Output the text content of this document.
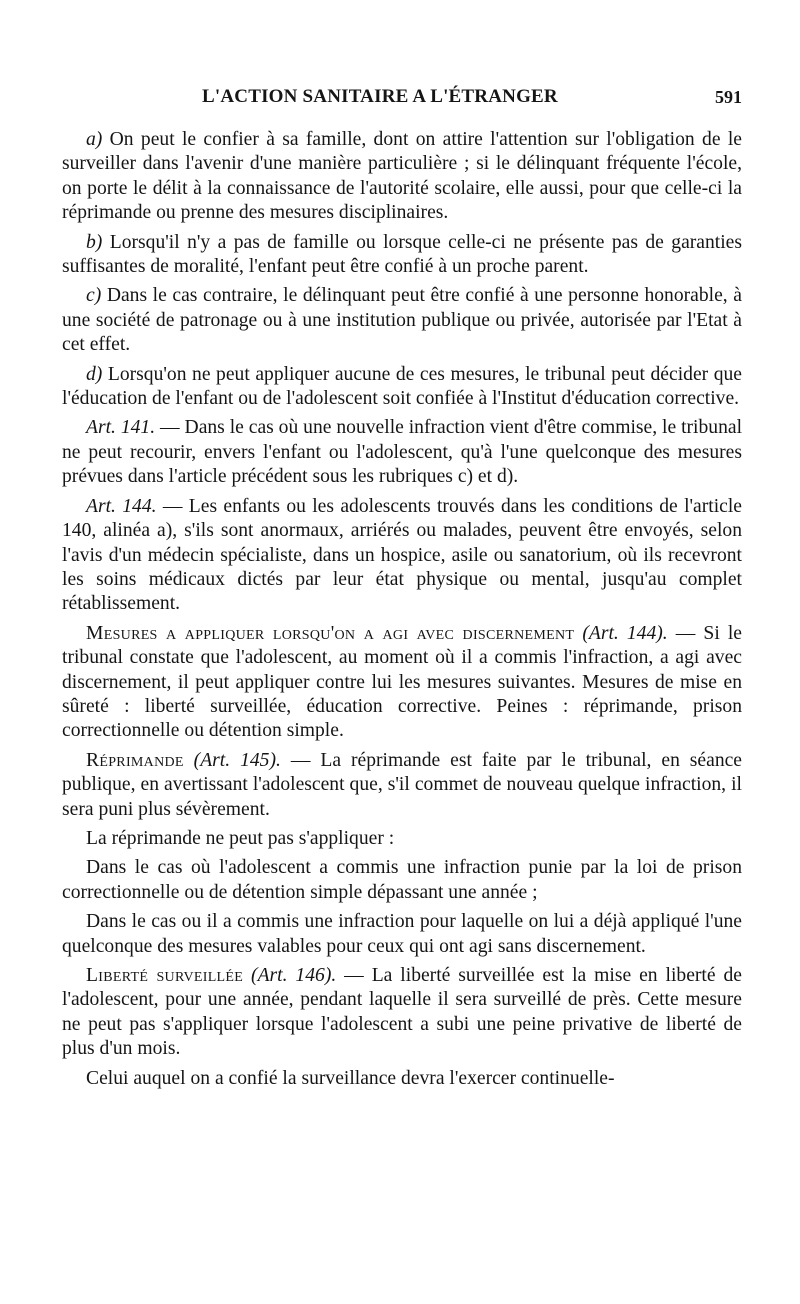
L'ACTION SANITAIRE A L'ÉTRANGER	591

a) On peut le confier à sa famille, dont on attire l'attention sur l'obligation de le surveiller dans l'avenir d'une manière particulière ; si le délinquant fréquente l'école, on porte le délit à la connaissance de l'autorité scolaire, elle aussi, pour que celle-ci la réprimande ou prenne des mesures disciplinaires.

b) Lorsqu'il n'y a pas de famille ou lorsque celle-ci ne présente pas de garanties suffisantes de moralité, l'enfant peut être confié à un proche parent.

c) Dans le cas contraire, le délinquant peut être confié à une personne honorable, à une société de patronage ou à une institution publique ou privée, autorisée par l'Etat à cet effet.

d) Lorsqu'on ne peut appliquer aucune de ces mesures, le tribunal peut décider que l'éducation de l'enfant ou de l'adolescent soit confiée à l'Institut d'éducation corrective.

Art. 141. — Dans le cas où une nouvelle infraction vient d'être commise, le tribunal ne peut recourir, envers l'enfant ou l'adolescent, qu'à l'une quelconque des mesures prévues dans l'article précédent sous les rubriques c) et d).

Art. 144. — Les enfants ou les adolescents trouvés dans les conditions de l'article 140, alinéa a), s'ils sont anormaux, arriérés ou malades, peuvent être envoyés, selon l'avis d'un médecin spécialiste, dans un hospice, asile ou sanatorium, où ils recevront les soins médicaux dictés par leur état physique ou mental, jusqu'au complet rétablissement.

Mesures a appliquer lorsqu'on a agi avec discernement (Art. 144). — Si le tribunal constate que l'adolescent, au moment où il a commis l'infraction, a agi avec discernement, il peut appliquer contre lui les mesures suivantes. Mesures de mise en sûreté : liberté surveillée, éducation corrective. Peines : réprimande, prison correctionnelle ou détention simple.

Réprimande (Art. 145). — La réprimande est faite par le tribunal, en séance publique, en avertissant l'adolescent que, s'il commet de nouveau quelque infraction, il sera puni plus sévèrement.

La réprimande ne peut pas s'appliquer :

Dans le cas où l'adolescent a commis une infraction punie par la loi de prison correctionnelle ou de détention simple dépassant une année ;

Dans le cas ou il a commis une infraction pour laquelle on lui a déjà appliqué l'une quelconque des mesures valables pour ceux qui ont agi sans discernement.

Liberté surveillée (Art. 146). — La liberté surveillée est la mise en liberté de l'adolescent, pour une année, pendant laquelle il sera surveillé de près. Cette mesure ne peut pas s'appliquer lorsque l'adolescent a subi une peine privative de liberté de plus d'un mois.

Celui auquel on a confié la surveillance devra l'exercer continuelle-
